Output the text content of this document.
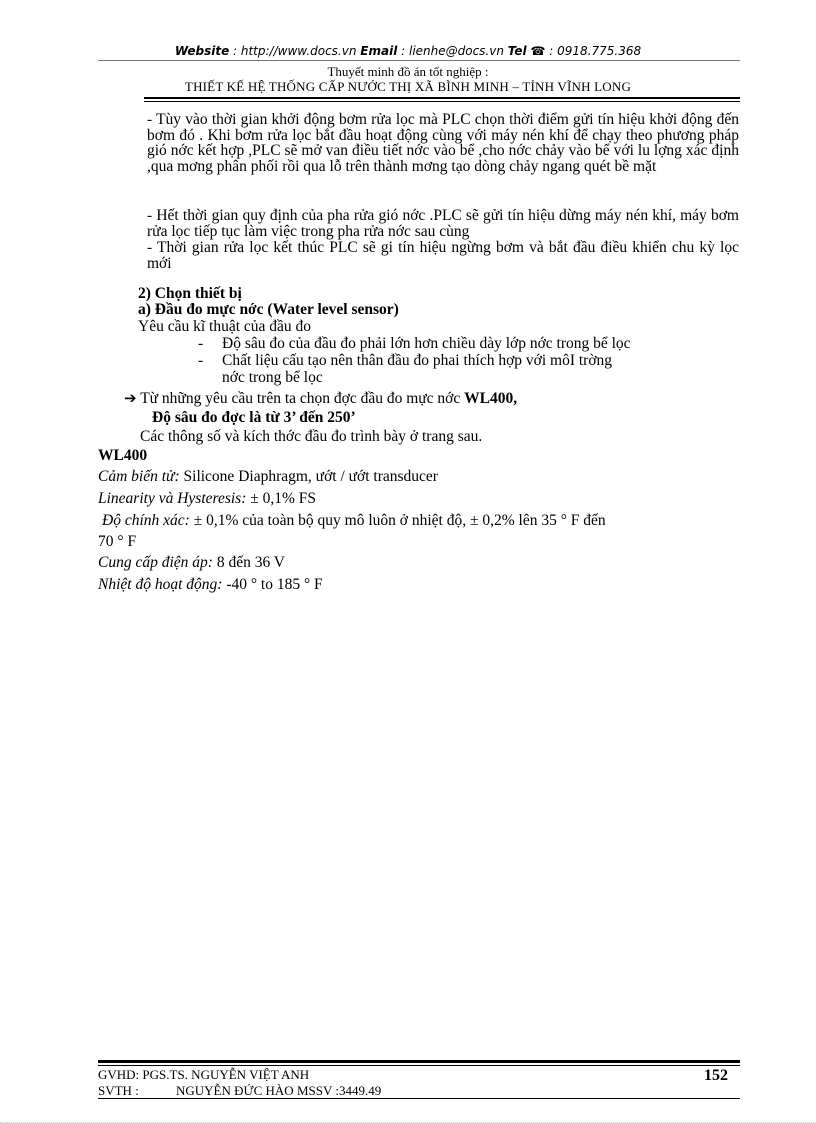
Website : http://www.docs.vn Email : lienhe@docs.vn Tel ☎ : 0918.775.368
Thuyết minh đồ án tốt nghiệp :
THIẾT KẾ HỆ THỐNG CẤP NƯỚC THỊ XÃ BÌNH MINH – TỈNH VĨNH LONG
- Tùy vào thời gian khởi động bơm rửa lọc mà PLC chọn thời điểm gửi tín hiệu khởi động đến bơm đó . Khi bơm rửa lọc bắt đầu hoạt động cùng với máy nén khí để chạy theo phương pháp gió nớc kết hợp ,PLC sẽ mở van điều tiết nớc vào bể ,cho nớc chảy vào bể với lu lợng xác định ,qua mơng phân phối rồi qua lỗ trên thành mơng tạo dòng chảy ngang quét bề mặt
- Hết thời gian quy định của pha rửa gió nớc .PLC sẽ gửi tín hiệu dừng máy nén khí, máy bơm rửa lọc tiếp tục làm việc trong pha rửa nớc sau cùng
- Thời gian rửa lọc kết thúc PLC sẽ gi tín hiệu ngừng bơm và bắt đầu điều khiển chu kỳ lọc mới
2) Chọn thiết bị
a) Đầu đo mực nớc (Water level sensor)
Yêu cầu kĩ thuật của đầu đo
- Độ sâu đo của đầu đo phải lớn hơn chiều dày lớp nớc trong bể lọc
- Chất liệu cấu tạo nên thân đầu đo phai thích hợp với môI trờng
nớc trong bể lọc
➔ Từ những yêu cầu trên ta chọn đợc đầu đo mực nớc WL400,
Độ sâu đo đợc là từ 3’ đến 250’
Các thông số và kích thớc đầu đo trình bày ở trang sau.
WL400
Cảm biến tử: Silicone Diaphragm, ướt / ướt transducer
Linearity và Hysteresis: ± 0,1% FS
Độ chính xác: ± 0,1% của toàn bộ quy mô luôn ở nhiệt độ, ± 0,2% lên 35 ° F đến
70 ° F
Cung cấp điện áp: 8 đến 36 V
Nhiệt độ hoạt động: -40 ° to 185 ° F
GVHD: PGS.TS. NGUYỄN VIỆT ANH	152
SVTH :	NGUYỄN ĐỨC HÀO MSSV :3449.49
